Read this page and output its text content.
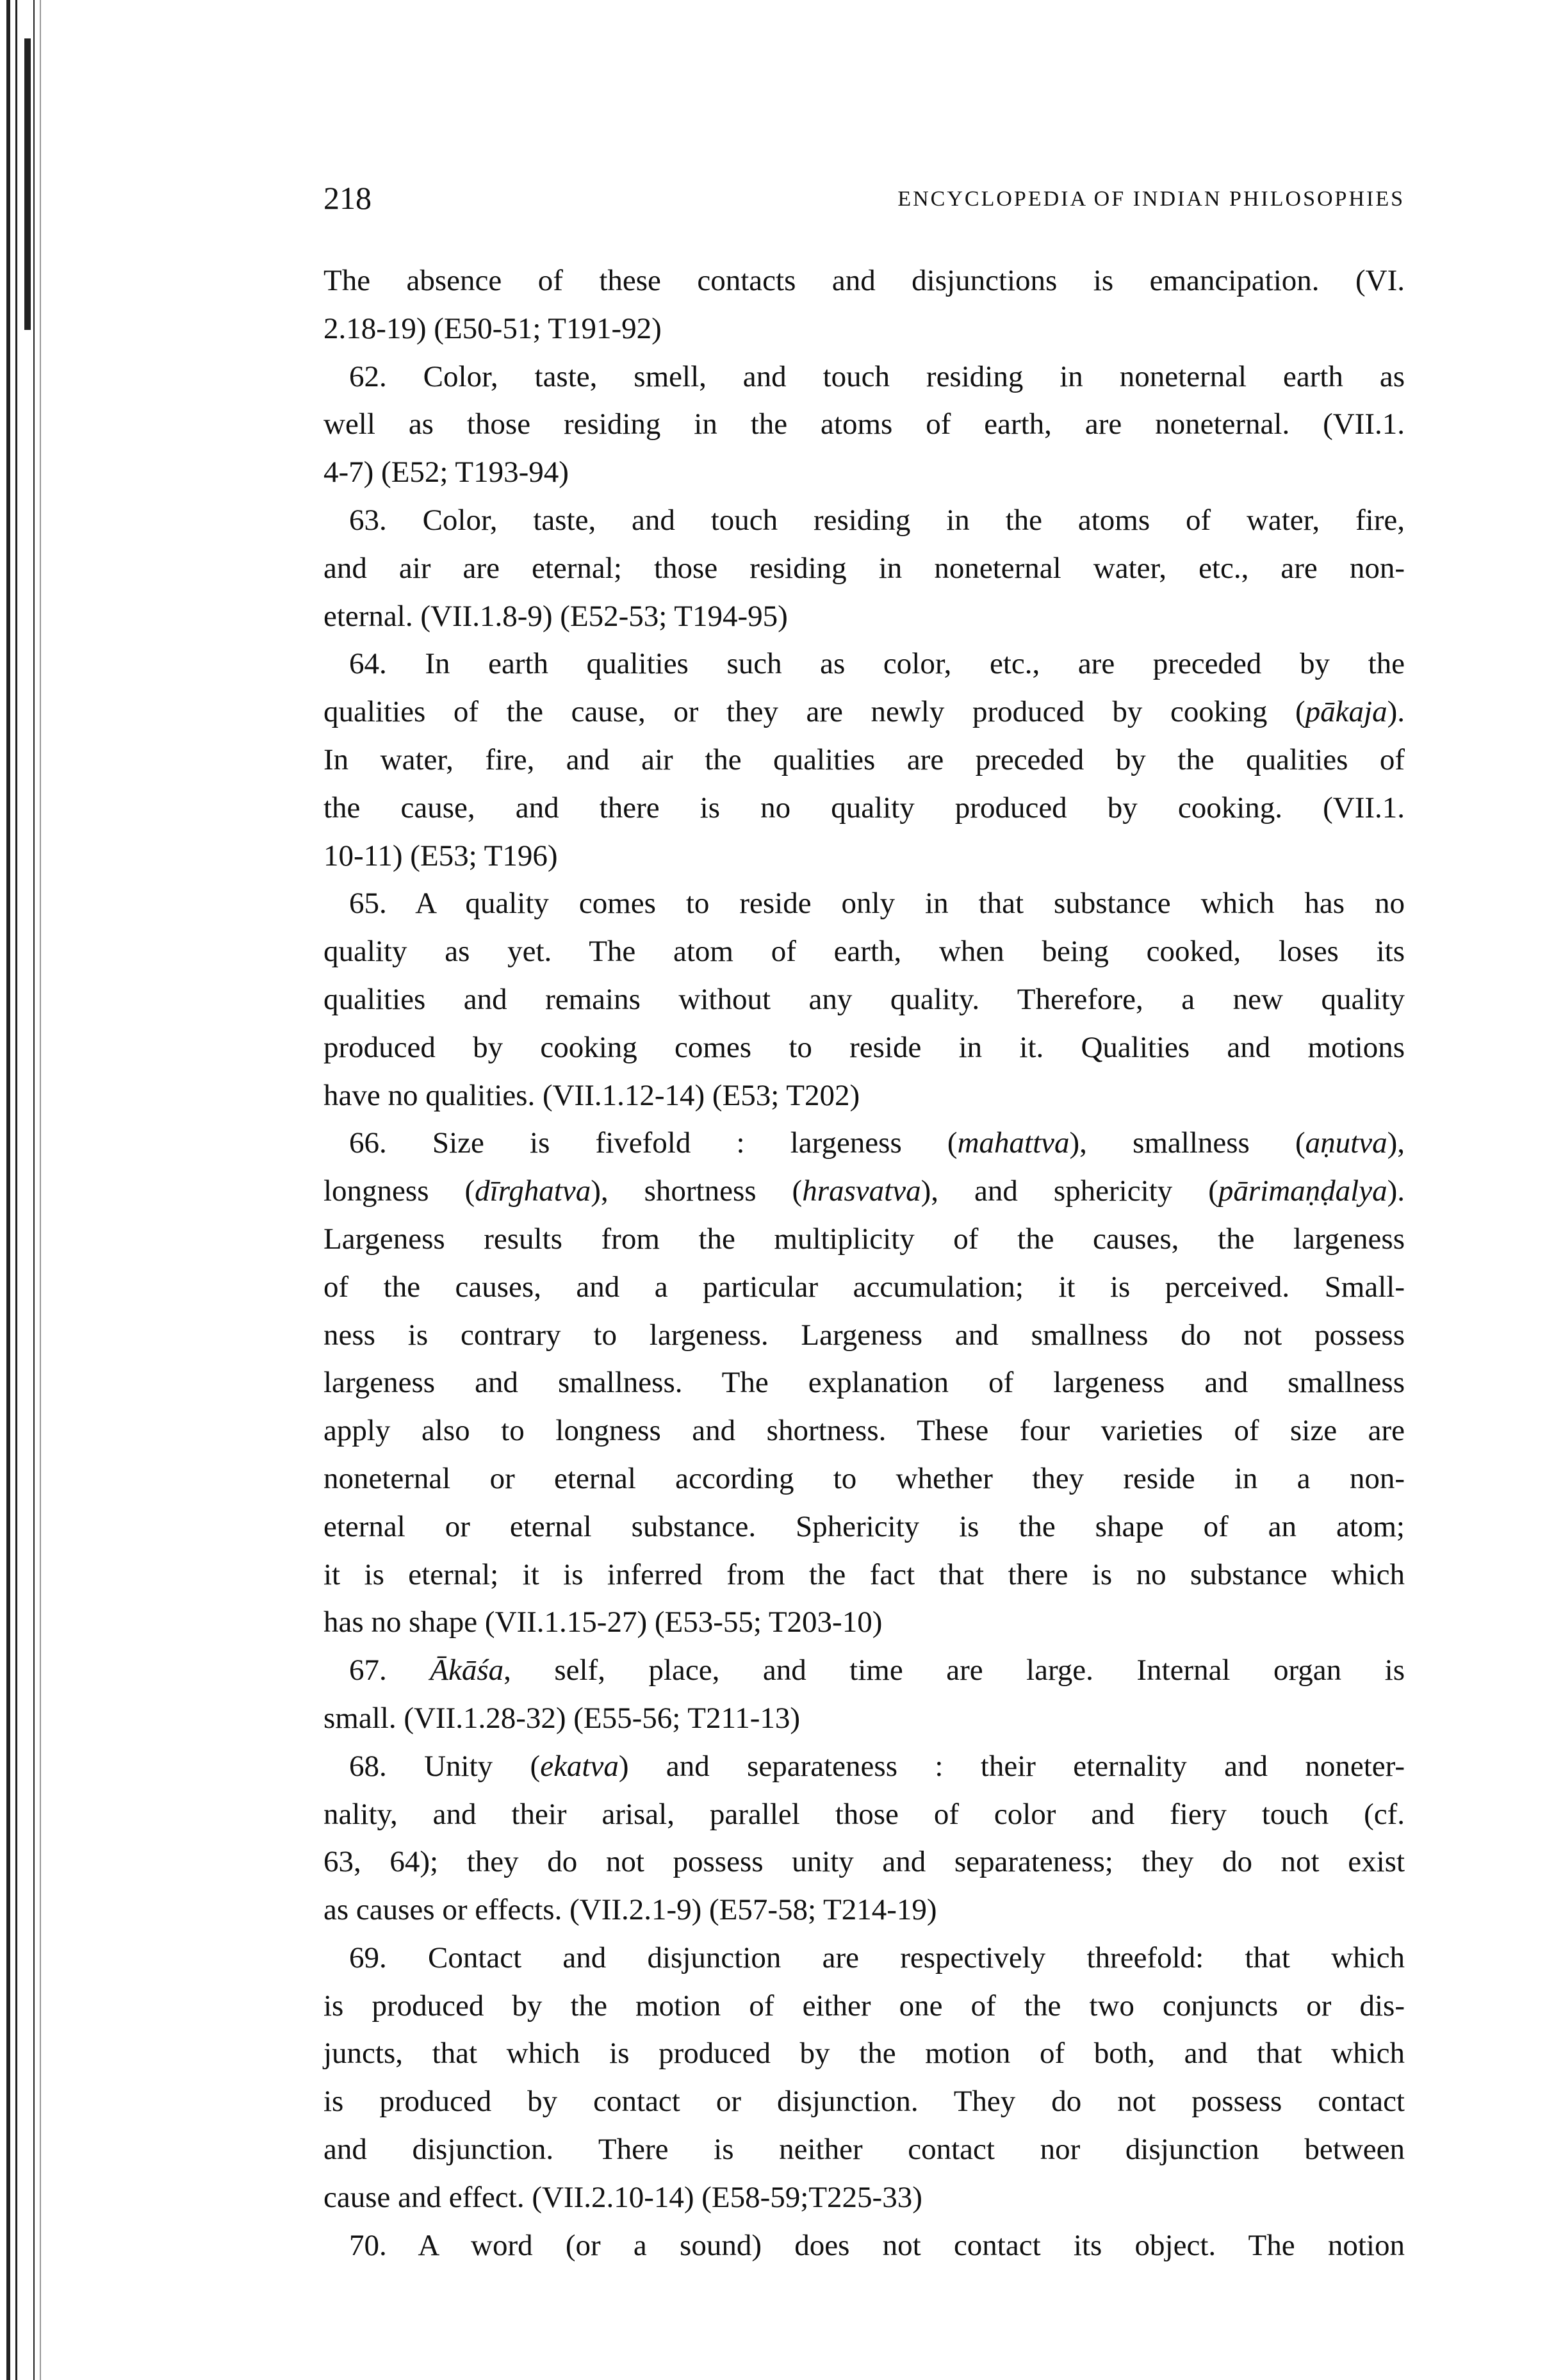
218	ENCYCLOPEDIA OF INDIAN PHILOSOPHIES
The absence of these contacts and disjunctions is emancipation. (VI.
2.18-19) (E50-51; T191-92)
62. Color, taste, smell, and touch residing in noneternal earth as
well as those residing in the atoms of earth, are noneternal. (VII.1.
4-7) (E52; T193-94)
63. Color, taste, and touch residing in the atoms of water, fire,
and air are eternal; those residing in noneternal water, etc., are non-
eternal. (VII.1.8-9) (E52-53; T194-95)
64. In earth qualities such as color, etc., are preceded by the
qualities of the cause, or they are newly produced by cooking (pākaja).
In water, fire, and air the qualities are preceded by the qualities of
the cause, and there is no quality produced by cooking. (VII.1.
10-11) (E53; T196)
65. A quality comes to reside only in that substance which has no
quality as yet. The atom of earth, when being cooked, loses its
qualities and remains without any quality. Therefore, a new quality
produced by cooking comes to reside in it. Qualities and motions
have no qualities. (VII.1.12-14) (E53; T202)
66. Size is fivefold : largeness (mahattva), smallness (aṇutva),
longness (dīrghatva), shortness (hrasvatva), and sphericity (pārimaṇḍalya).
Largeness results from the multiplicity of the causes, the largeness
of the causes, and a particular accumulation; it is perceived. Small-
ness is contrary to largeness. Largeness and smallness do not possess
largeness and smallness. The explanation of largeness and smallness
apply also to longness and shortness. These four varieties of size are
noneternal or eternal according to whether they reside in a non-
eternal or eternal substance. Sphericity is the shape of an atom;
it is eternal; it is inferred from the fact that there is no substance which
has no shape (VII.1.15-27) (E53-55; T203-10)
67. Ākāśa, self, place, and time are large. Internal organ is
small. (VII.1.28-32) (E55-56; T211-13)
68. Unity (ekatva) and separateness : their eternality and noneter-
nality, and their arisal, parallel those of color and fiery touch (cf.
63, 64); they do not possess unity and separateness; they do not exist
as causes or effects. (VII.2.1-9) (E57-58; T214-19)
69. Contact and disjunction are respectively threefold: that which
is produced by the motion of either one of the two conjuncts or dis-
juncts, that which is produced by the motion of both, and that which
is produced by contact or disjunction. They do not possess contact
and disjunction. There is neither contact nor disjunction between
cause and effect. (VII.2.10-14) (E58-59;T225-33)
70. A word (or a sound) does not contact its object. The notion
